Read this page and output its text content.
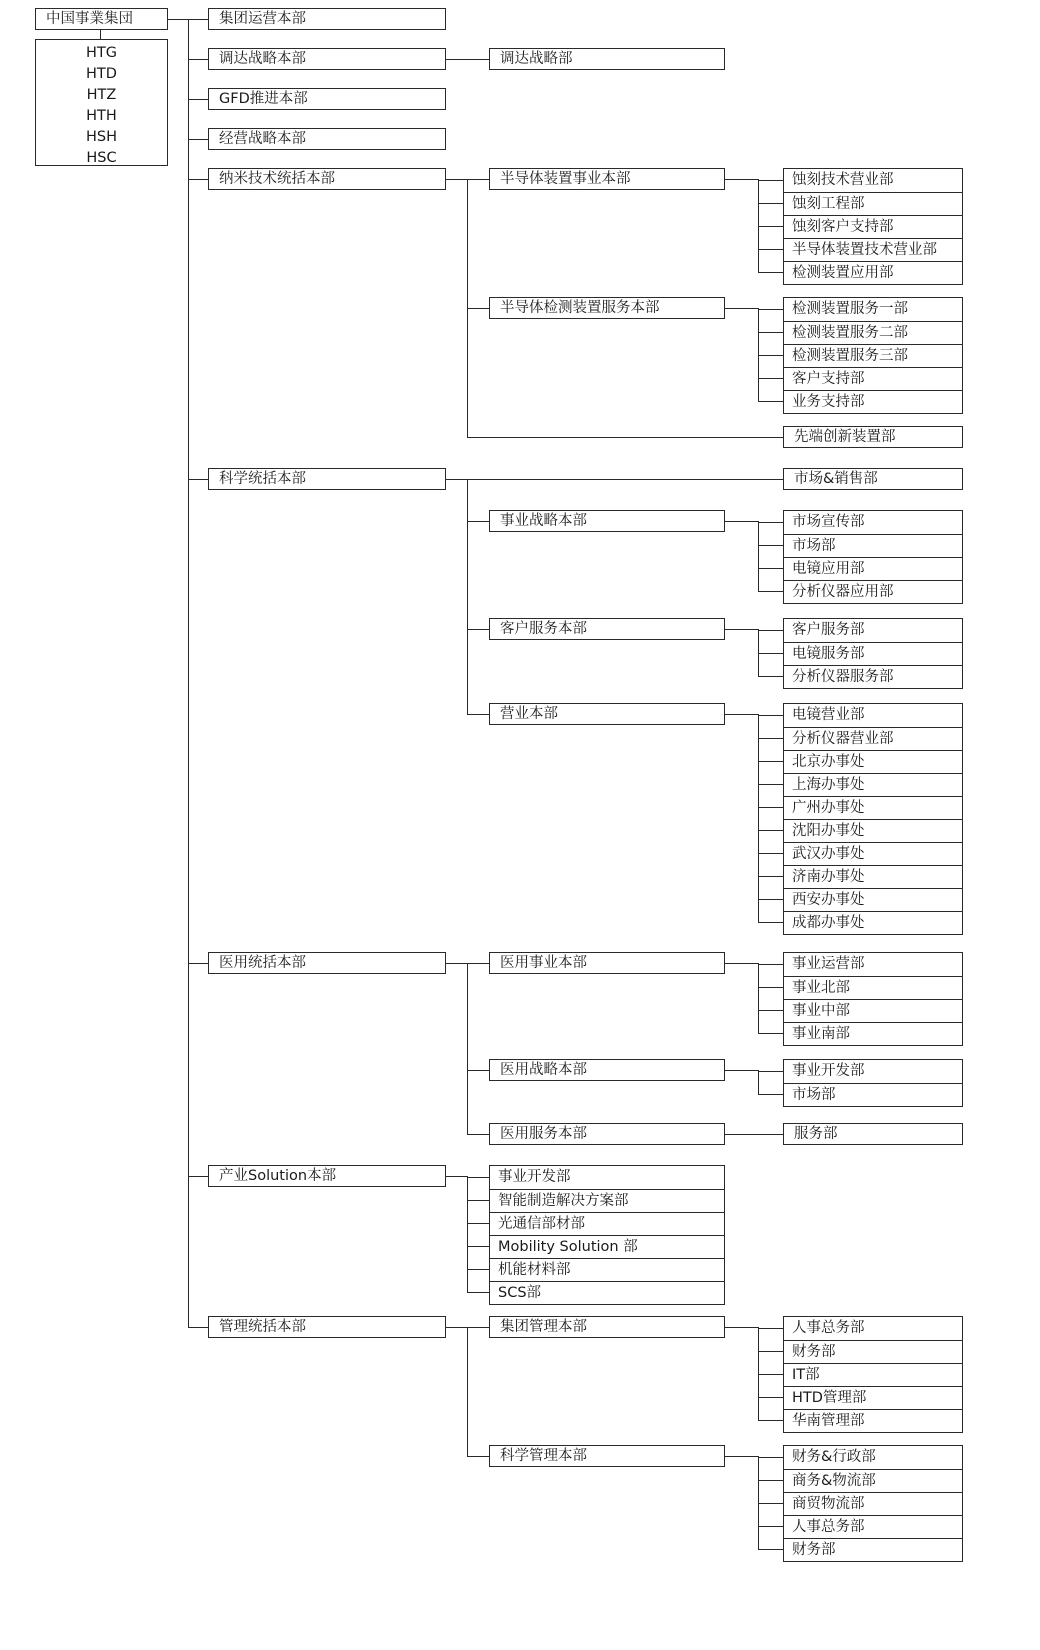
中国事業集団
HTG
HTD
HTZ
HTH
HSH
HSC
集团运营本部
调达战略本部	调达战略部
GFD推进本部
经营战略本部
纳米技术统括本部	半导体装置事业本部	蚀刻技术营业部
蚀刻工程部
蚀刻客户支持部
半导体装置技术营业部
检测装置应用部
半导体检测装置服务本部	检测装置服务一部
检测装置服务二部
检测装置服务三部
客户支持部
业务支持部
先端创新装置部
科学统括本部	市场&销售部
事业战略本部	市场宣传部
市场部
电镜应用部
分析仪器应用部
客户服务本部	客户服务部
电镜服务部
分析仪器服务部
营业本部	电镜营业部
分析仪器营业部
北京办事处
上海办事处
广州办事处
沈阳办事处
武汉办事处
济南办事处
西安办事处
成都办事处
医用统括本部	医用事业本部	事业运营部
事业北部
事业中部
事业南部
医用战略本部	事业开发部
市场部
医用服务本部	服务部
产业Solution本部	事业开发部
智能制造解决方案部
光通信部材部
Mobility Solution 部
机能材料部
SCS部
管理统括本部	集团管理本部	人事总务部
财务部
IT部
HTD管理部
华南管理部
科学管理本部	财务&行政部
商务&物流部
商贸物流部
人事总务部
财务部
